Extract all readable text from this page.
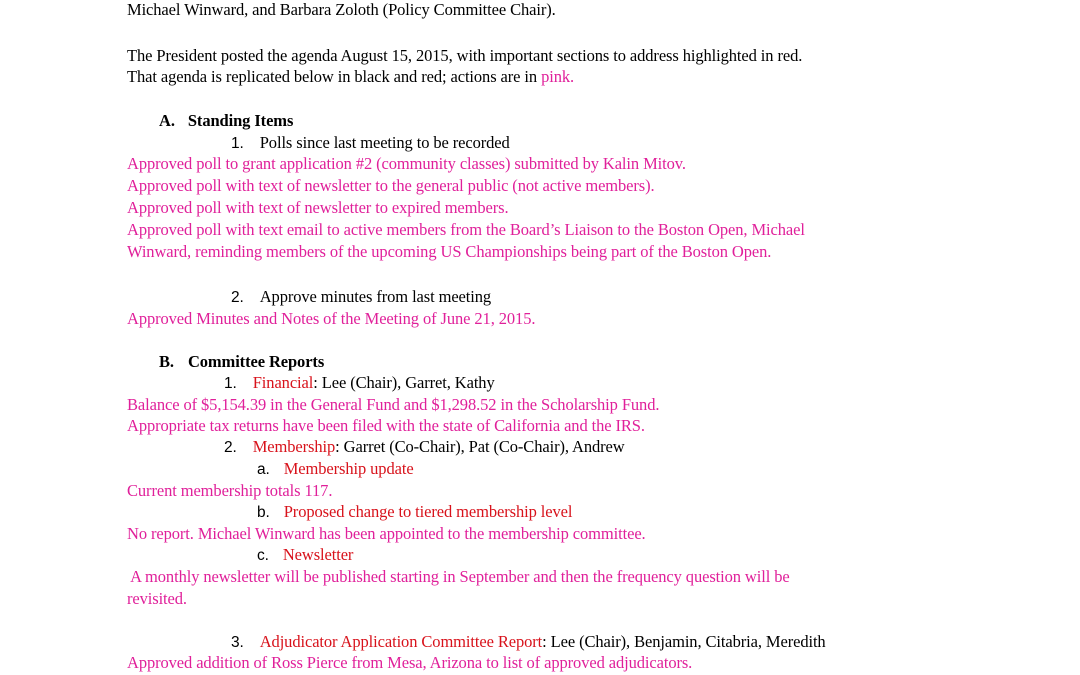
Michael Winward, and Barbara Zoloth (Policy Committee Chair).
The President posted the agenda August 15, 2015, with important sections to address highlighted in red.
That agenda is replicated below in black and red; actions are in pink.
A. Standing Items
1. Polls since last meeting to be recorded
Approved poll to grant application #2 (community classes) submitted by Kalin Mitov.
Approved poll with text of newsletter to the general public (not active members).
Approved poll with text of newsletter to expired members.
Approved poll with text email to active members from the Board’s Liaison to the Boston Open, Michael
Winward, reminding members of the upcoming US Championships being part of the Boston Open.
2. Approve minutes from last meeting
Approved Minutes and Notes of the Meeting of June 21, 2015.
B. Committee Reports
1. Financial: Lee (Chair), Garret, Kathy
Balance of $5,154.39 in the General Fund and $1,298.52 in the Scholarship Fund.
Appropriate tax returns have been filed with the state of California and the IRS.
2. Membership: Garret (Co-Chair), Pat (Co-Chair), Andrew
a. Membership update
Current membership totals 117.
b. Proposed change to tiered membership level
No report. Michael Winward has been appointed to the membership committee.
c. Newsletter
A monthly newsletter will be published starting in September and then the frequency question will be
revisited.
3. Adjudicator Application Committee Report: Lee (Chair), Benjamin, Citabria, Meredith
Approved addition of Ross Pierce from Mesa, Arizona to list of approved adjudicators.
